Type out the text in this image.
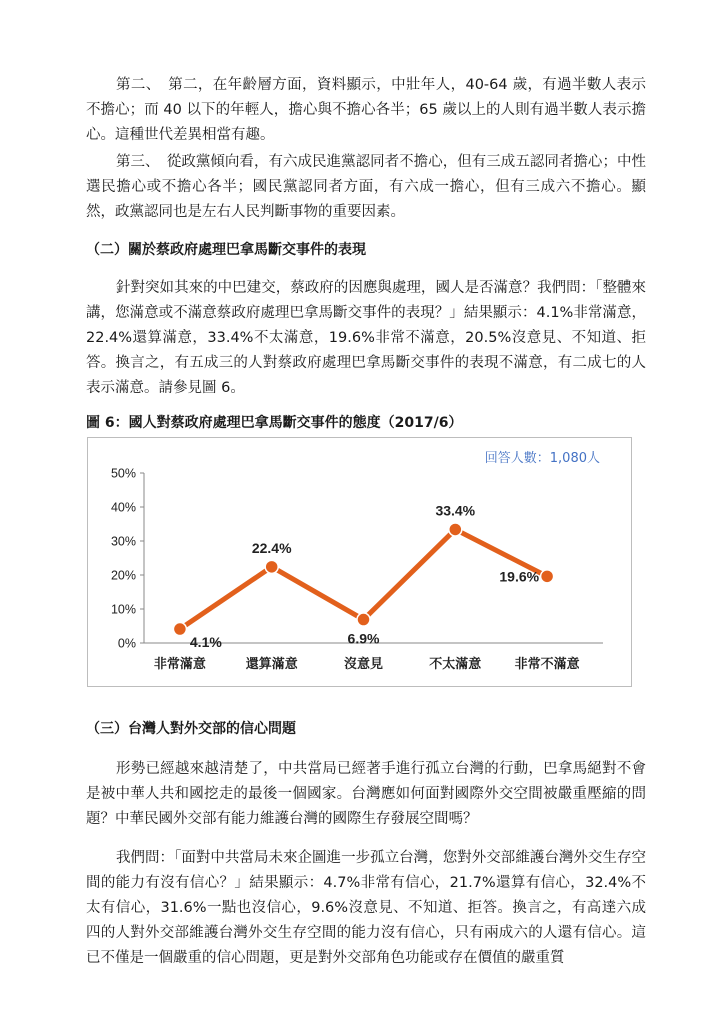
第二、　第二，在年齡層方面，資料顯示，中壯年人，40-64 歲，有過半數人表示不擔心；而 40 以下的年輕人，擔心與不擔心各半；65 歲以上的人則有過半數人表示擔心。這種世代差異相當有趣。

第三、　從政黨傾向看，有六成民進黨認同者不擔心，但有三成五認同者擔心；中性選民擔心或不擔心各半；國民黨認同者方面，有六成一擔心，但有三成六不擔心。顯然，政黨認同也是左右人民判斷事物的重要因素。

（二）關於蔡政府處理巴拿馬斷交事件的表現

針對突如其來的中巴建交，蔡政府的因應與處理，國人是否滿意？我們問：「整體來講，您滿意或不滿意蔡政府處理巴拿馬斷交事件的表現？」結果顯示：4.1%非常滿意，22.4%還算滿意，33.4%不太滿意，19.6%非常不滿意，20.5%沒意見、不知道、拒答。換言之，有五成三的人對蔡政府處理巴拿馬斷交事件的表現不滿意，有二成七的人表示滿意。請參見圖 6。

圖 6：國人對蔡政府處理巴拿馬斷交事件的態度（2017/6）

0%
10%
20%
30%
40%
50%
非常滿意	還算滿意	沒意見	不太滿意	非常不滿意
4.1%
22.4%
6.9%
33.4%
19.6%
回答人數：1,080人

（三）台灣人對外交部的信心問題

形勢已經越來越清楚了，中共當局已經著手進行孤立台灣的行動，巴拿馬絕對不會是被中華人共和國挖走的最後一個國家。台灣應如何面對國際外交空間被嚴重壓縮的問題？中華民國外交部有能力維護台灣的國際生存發展空間嗎？

我們問：「面對中共當局未來企圖進一步孤立台灣，您對外交部維護台灣外交生存空間的能力有沒有信心？」結果顯示：4.7%非常有信心，21.7%還算有信心，32.4%不太有信心，31.6%一點也沒信心，9.6%沒意見、不知道、拒答。換言之，有高達六成四的人對外交部維護台灣外交生存空間的能力沒有信心，只有兩成六的人還有信心。這已不僅是一個嚴重的信心問題，更是對外交部角色功能或存在價值的嚴重質
